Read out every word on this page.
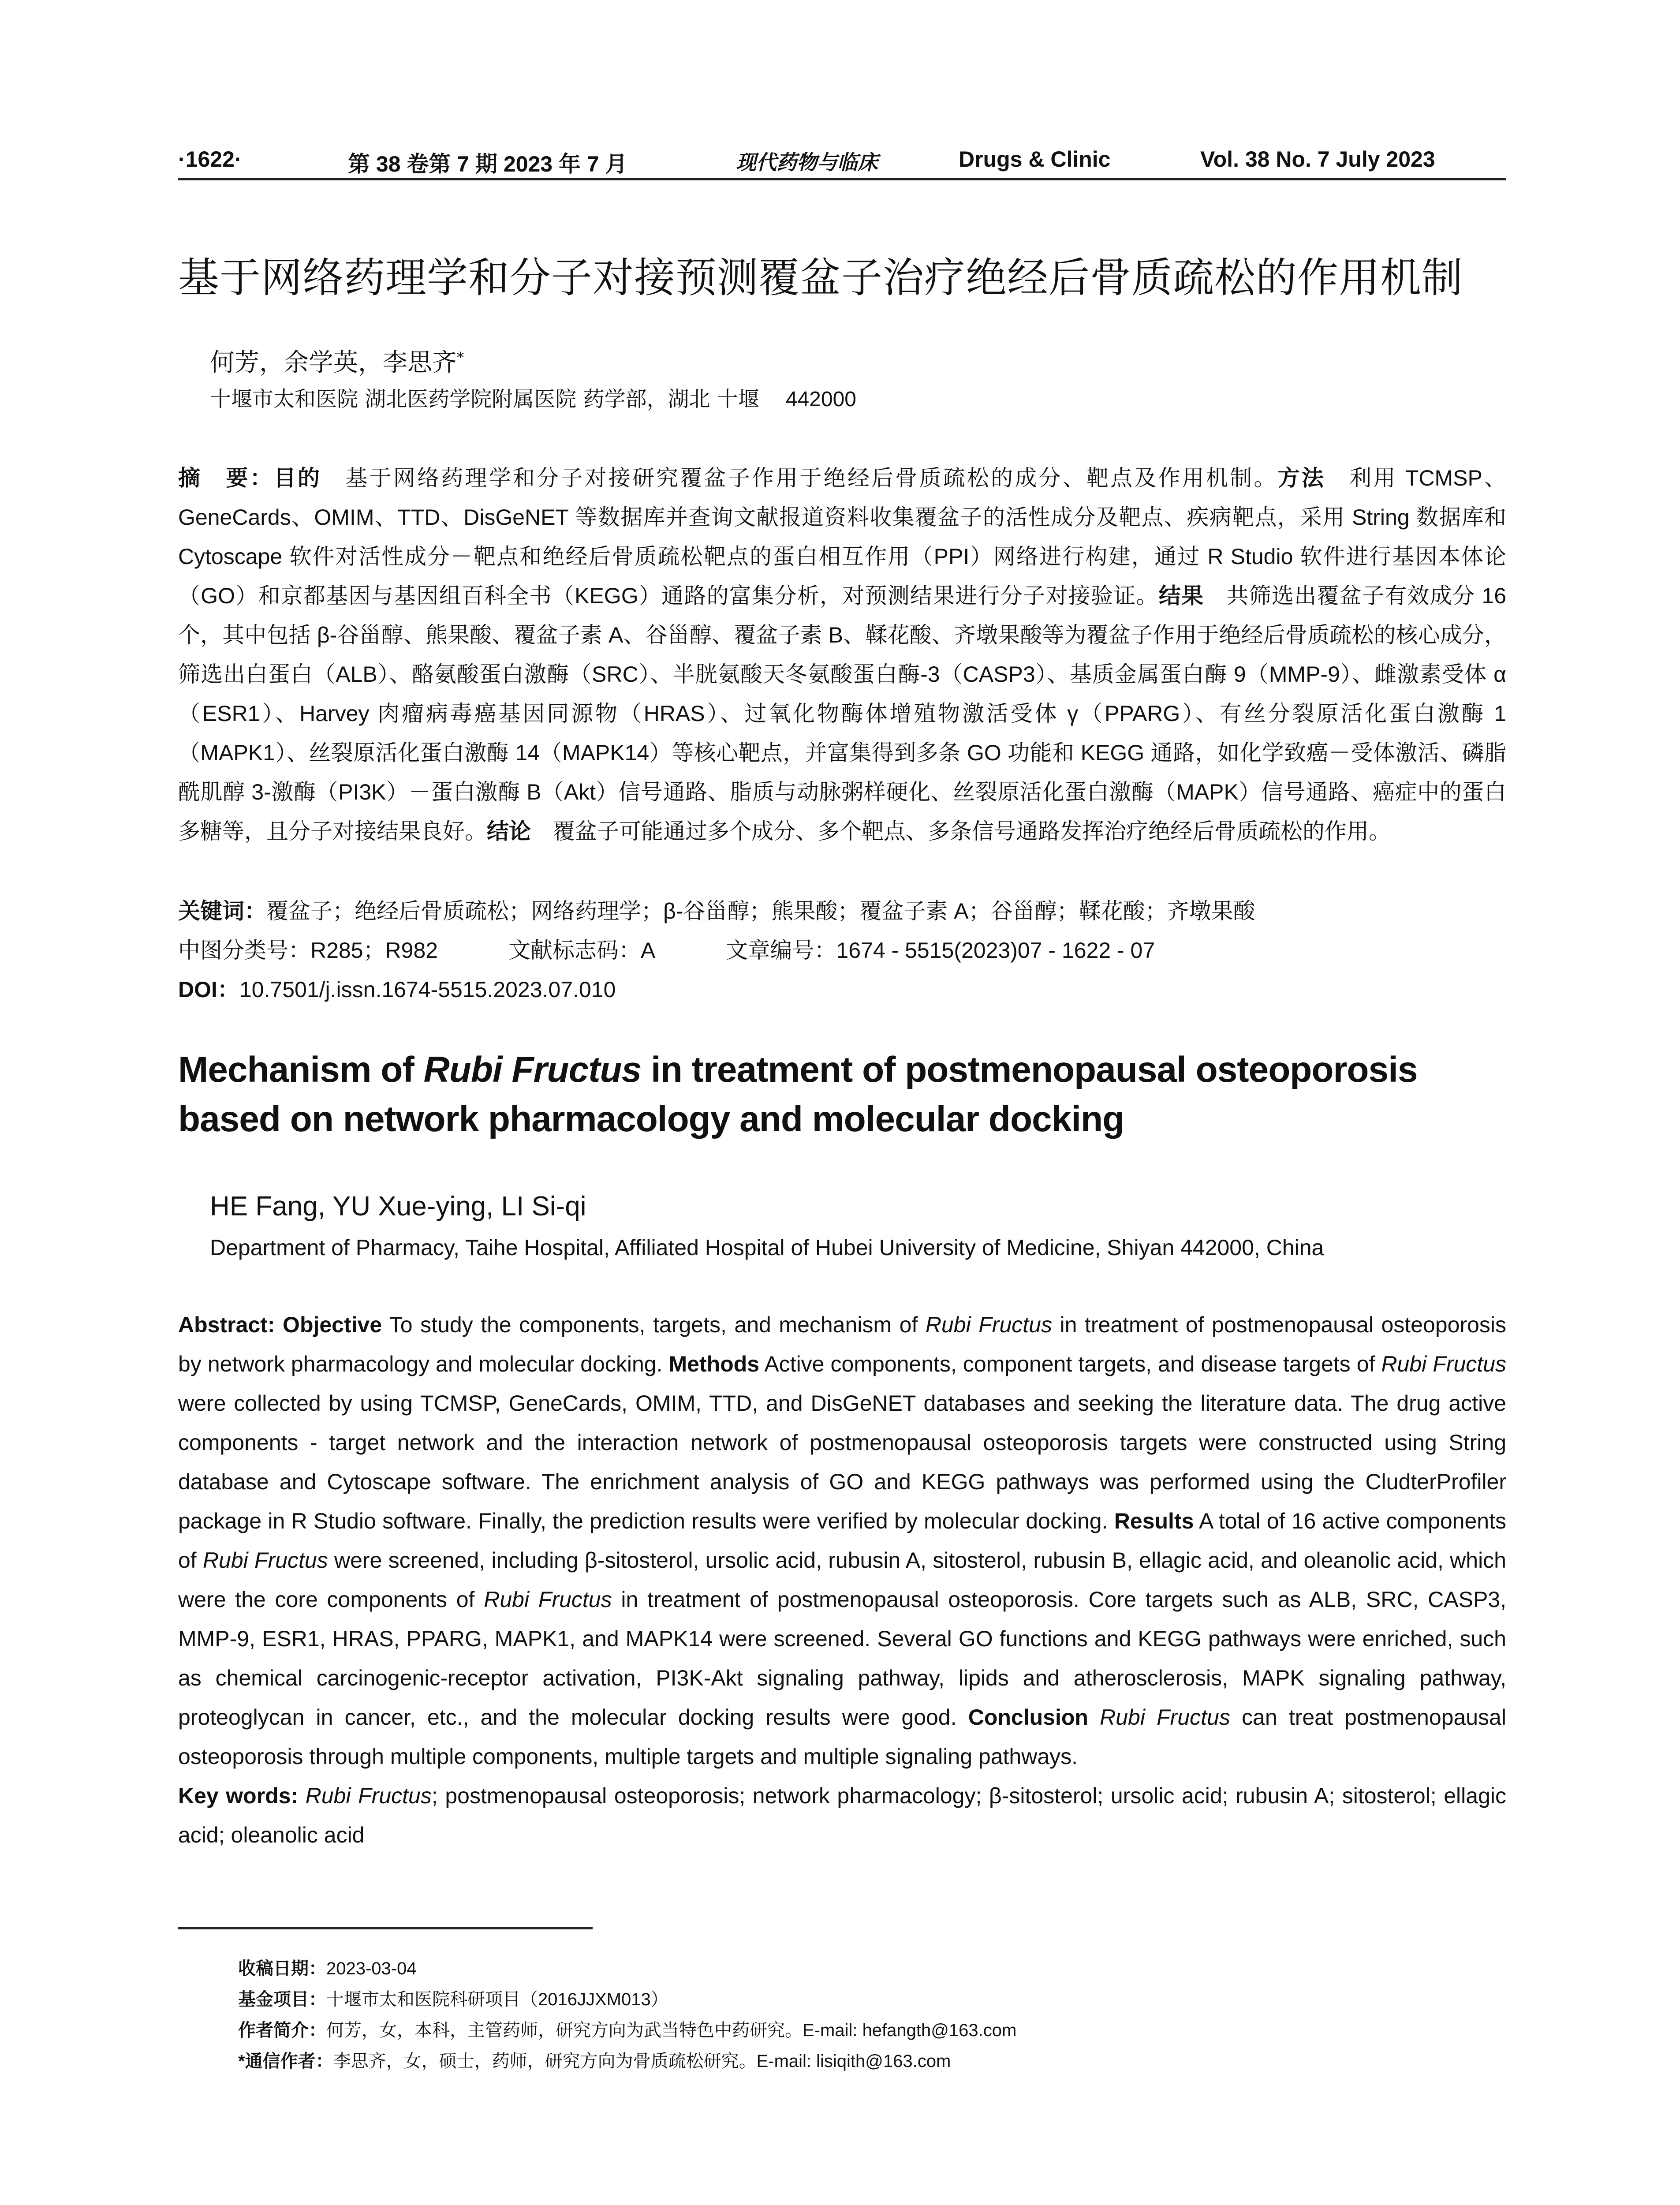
·1622·	第 38 卷第 7 期 2023 年 7 月	现代药物与临床	Drugs & Clinic	Vol. 38 No. 7 July 2023
基于网络药理学和分子对接预测覆盆子治疗绝经后骨质疏松的作用机制
何芳，余学英，李思齐*
十堰市太和医院 湖北医药学院附属医院 药学部，湖北 十堰 442000
摘　要：目的　基于网络药理学和分子对接研究覆盆子作用于绝经后骨质疏松的成分、靶点及作用机制。方法　利用 TCMSP、GeneCards、OMIM、TTD、DisGeNET 等数据库并查询文献报道资料收集覆盆子的活性成分及靶点、疾病靶点，采用 String 数据库和 Cytoscape 软件对活性成分－靶点和绝经后骨质疏松靶点的蛋白相互作用（PPI）网络进行构建，通过 R Studio 软件进行基因本体论（GO）和京都基因与基因组百科全书（KEGG）通路的富集分析，对预测结果进行分子对接验证。结果　共筛选出覆盆子有效成分 16 个，其中包括 β-谷甾醇、熊果酸、覆盆子素 A、谷甾醇、覆盆子素 B、鞣花酸、齐墩果酸等为覆盆子作用于绝经后骨质疏松的核心成分，筛选出白蛋白（ALB）、酪氨酸蛋白激酶（SRC）、半胱氨酸天冬氨酸蛋白酶-3（CASP3）、基质金属蛋白酶 9（MMP-9）、雌激素受体 α（ESR1）、Harvey 肉瘤病毒癌基因同源物（HRAS）、过氧化物酶体增殖物激活受体 γ（PPARG）、有丝分裂原活化蛋白激酶 1（MAPK1）、丝裂原活化蛋白激酶 14（MAPK14）等核心靶点，并富集得到多条 GO 功能和 KEGG 通路，如化学致癌－受体激活、磷脂酰肌醇 3-激酶（PI3K）－蛋白激酶 B（Akt）信号通路、脂质与动脉粥样硬化、丝裂原活化蛋白激酶（MAPK）信号通路、癌症中的蛋白多糖等，且分子对接结果良好。结论　覆盆子可能通过多个成分、多个靶点、多条信号通路发挥治疗绝经后骨质疏松的作用。
关键词：覆盆子；绝经后骨质疏松；网络药理学；β-谷甾醇；熊果酸；覆盆子素 A；谷甾醇；鞣花酸；齐墩果酸
中图分类号：R285；R982	文献标志码：A	文章编号：1674 - 5515(2023)07 - 1622 - 07
DOI：10.7501/j.issn.1674-5515.2023.07.010
Mechanism of Rubi Fructus in treatment of postmenopausal osteoporosis based on network pharmacology and molecular docking
HE Fang, YU Xue-ying, LI Si-qi
Department of Pharmacy, Taihe Hospital, Affiliated Hospital of Hubei University of Medicine, Shiyan 442000, China

Abstract: Objective To study the components, targets, and mechanism of Rubi Fructus in treatment of postmenopausal osteoporosis by network pharmacology and molecular docking. Methods Active components, component targets, and disease targets of Rubi Fructus were collected by using TCMSP, GeneCards, OMIM, TTD, and DisGeNET databases and seeking the literature data. The drug active components - target network and the interaction network of postmenopausal osteoporosis targets were constructed using String database and Cytoscape software. The enrichment analysis of GO and KEGG pathways was performed using the CludterProfiler package in R Studio software. Finally, the prediction results were verified by molecular docking. Results A total of 16 active components of Rubi Fructus were screened, including β-sitosterol, ursolic acid, rubusin A, sitosterol, rubusin B, ellagic acid, and oleanolic acid, which were the core components of Rubi Fructus in treatment of postmenopausal osteoporosis. Core targets such as ALB, SRC, CASP3, MMP-9, ESR1, HRAS, PPARG, MAPK1, and MAPK14 were screened. Several GO functions and KEGG pathways were enriched, such as chemical carcinogenic-receptor activation, PI3K-Akt signaling pathway, lipids and atherosclerosis, MAPK signaling pathway, proteoglycan in cancer, etc., and the molecular docking results were good. Conclusion Rubi Fructus can treat postmenopausal osteoporosis through multiple components, multiple targets and multiple signaling pathways.

Key words: Rubi Fructus; postmenopausal osteoporosis; network pharmacology; β-sitosterol; ursolic acid; rubusin A; sitosterol; ellagic acid; oleanolic acid

收稿日期：2023-03-04
基金项目：十堰市太和医院科研项目（2016JJXM013）
作者简介：何芳，女，本科，主管药师，研究方向为武当特色中药研究。E-mail: hefangth@163.com
*通信作者：李思齐，女，硕士，药师，研究方向为骨质疏松研究。E-mail: lisiqith@163.com
